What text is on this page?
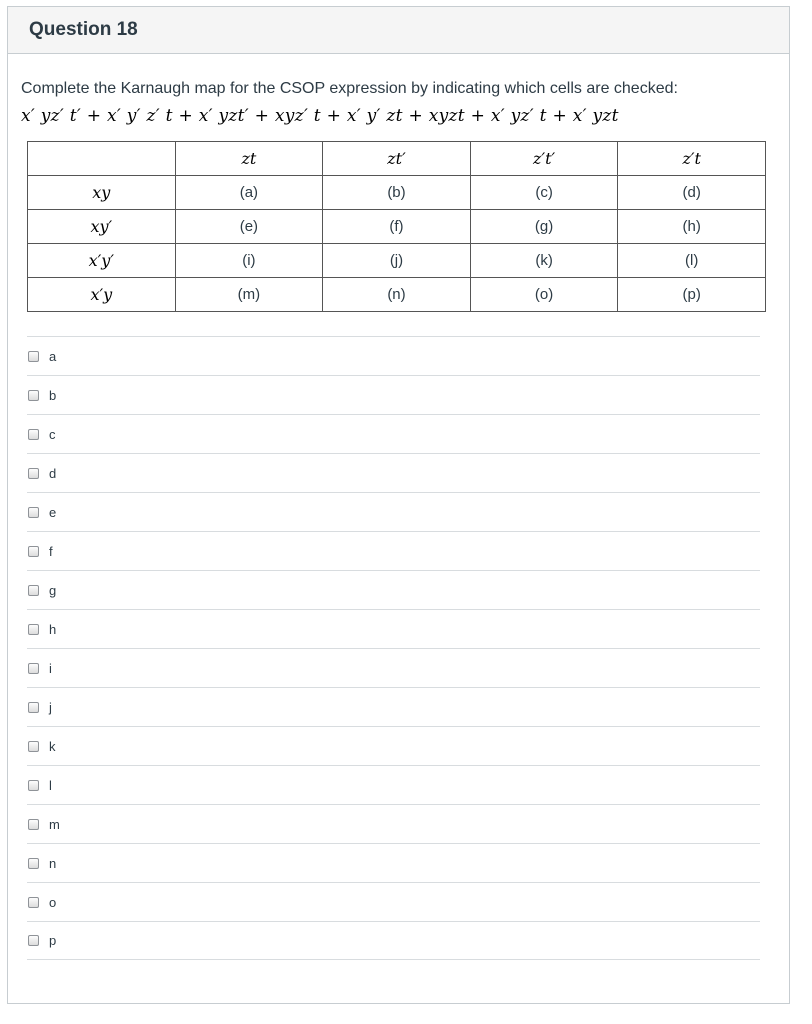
Question 18
Complete the Karnaugh map for the CSOP expression by indicating which cells are checked:
x′ yz′ t′ + x′ y′ z′ t + x′ yzt′ + xyz′ t + x′ y′ zt + xyzt + x′ yz′ t + x′ yzt
	zt	zt′	z′t′	z′t
xy	(a)	(b)	(c)	(d)
xy′	(e)	(f)	(g)	(h)
x′y′	(i)	(j)	(k)	(l)
x′y	(m)	(n)	(o)	(p)
a
b
c
d
e
f
g
h
i
j
k
l
m
n
o
p
